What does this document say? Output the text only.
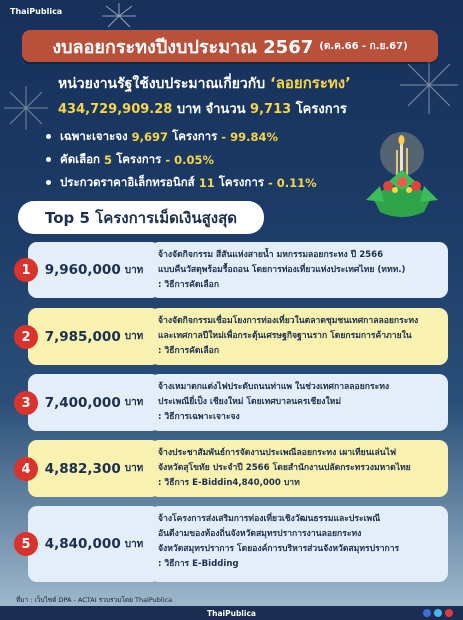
ThaiPublica
งบลอยกระทงปีงบประมาณ 2567 (ต.ค.66 - ก.ย.67)
หน่วยงานรัฐใช้งบประมาณเกี่ยวกับ ‘ลอยกระทง’
434,729,909.28 บาท จำนวน 9,713 โครงการ
เฉพาะเจาะจง
9,697
โครงการ
- 99.84%
คัดเลือก
5
โครงการ
- 0.05%
ประกวดราคาอิเล็กทรอนิกส์
11
โครงการ
- 0.11%
Top 5 โครงการเม็ดเงินสูงสุด
9,960,000 บาท
1
จ้างจัดกิจกรรม สีสันแห่งสายน้ำ มหกรรมลอยกระทง ปี 2566
แบบคืนวัสดุพร้อมรื้อถอน โดยการท่องเที่ยวแห่งประเทศไทย (ททท.)
: วิธีการคัดเลือก
7,985,000 บาท
2
จ้างจัดกิจกรรมเชื่อมโยงการท่องเที่ยวในตลาดชุมชนเทศกาลลอยกระทง
และเทศกาลปีใหม่เพื่อกระตุ้นเศรษฐกิจฐานราก โดยกรมการค้าภายใน
: วิธีการคัดเลือก
7,400,000 บาท
3
จ้างเหมาตกแต่งไฟประดับถนนท่าแพ ในช่วงเทศกาลลอยกระทง
ประเพณียี่เป็ง เชียงใหม่ โดยเทศบาลนครเชียงใหม่
: วิธีการเฉพาะเจาะจง
4,882,300 บาท
4
จ้างประชาสัมพันธ์การจัดงานประเพณีลอยกระทง เผาเทียนเล่นไฟ
จังหวัดสุโขทัย ประจำปี 2566 โดยสำนักงานปลัดกระทรวงมหาดไทย
: วิธีการ E-Biddin4,840,000 บาท
4,840,000 บาท
5
จ้างโครงการส่งเสริมการท่องเที่ยวเชิงวัฒนธรรมและประเพณี
อันดีงามของท้องถิ่นจังหวัดสมุทรปราการงานลอยกระทง
จังหวัดสมุทรปราการ โดยองค์การบริหารส่วนจังหวัดสมุทรปราการ
: วิธีการ E-Bidding
ที่มา : เว็บไซต์ DPA - ACTAI รวบรวมโดย ThaiPublica
ThaiPublica
